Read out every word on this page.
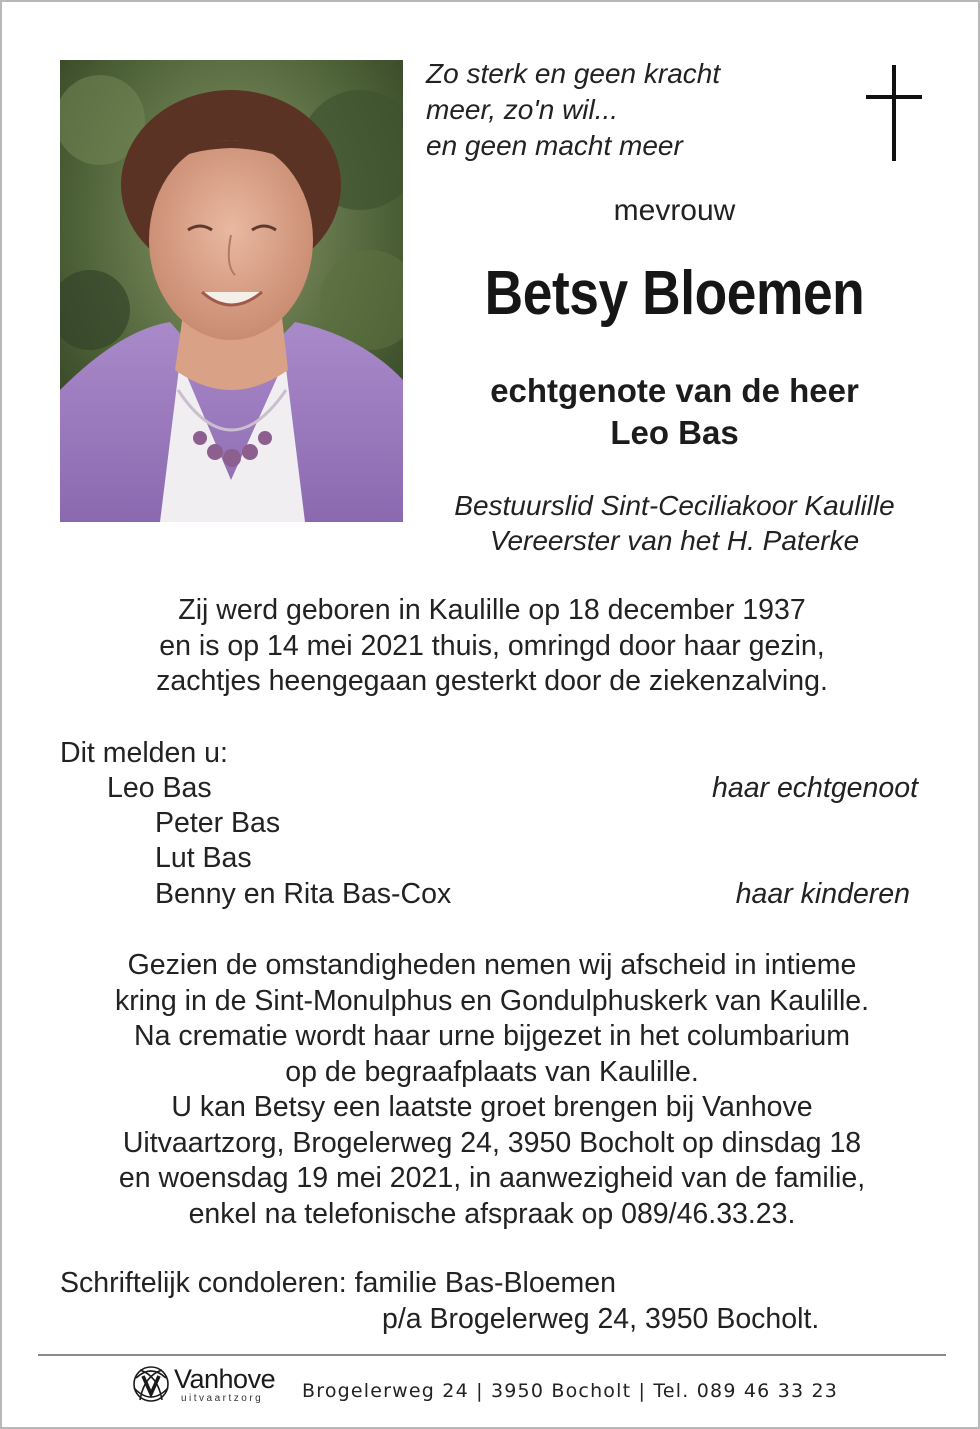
Zo sterk en geen kracht
meer, zo'n wil...
en geen macht meer
mevrouw
Betsy Bloemen
echtgenote van de heer
Leo Bas
Bestuurslid Sint-Ceciliakoor Kaulille
Vereerster van het H. Paterke
Zij werd geboren in Kaulille op 18 december 1937
en is op 14 mei 2021 thuis, omringd door haar gezin,
zachtjes heengegaan gesterkt door de ziekenzalving.
Dit melden u:
Leo Bas	haar echtgenoot
Peter Bas
Lut Bas
Benny en Rita Bas-Cox	haar kinderen
Gezien de omstandigheden nemen wij afscheid in intieme
kring in de Sint-Monulphus en Gondulphuskerk van Kaulille.
Na crematie wordt haar urne bijgezet in het columbarium
op de begraafplaats van Kaulille.
U kan Betsy een laatste groet brengen bij Vanhove
Uitvaartzorg, Brogelerweg 24, 3950 Bocholt op dinsdag 18
en woensdag 19 mei 2021, in aanwezigheid van de familie,
enkel na telefonische afspraak op 089/46.33.23.
Schriftelijk condoleren: familie Bas-Bloemen
p/a Brogelerweg 24, 3950 Bocholt.
Vanhove
uitvaartzorg Brogelerweg 24 | 3950 Bocholt | Tel. 089 46 33 23
